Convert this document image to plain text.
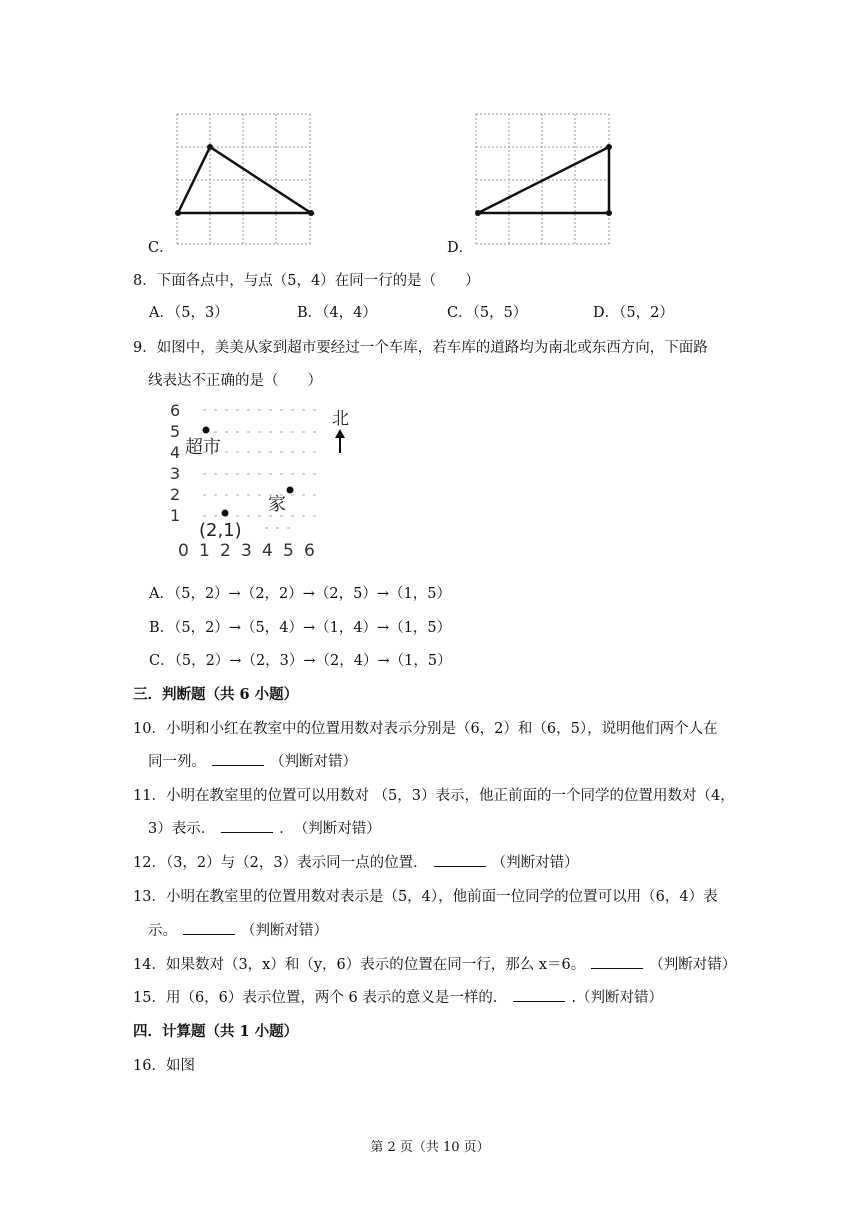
C．	D．
8．下面各点中，与点（5，4）在同一行的是（　　）
A．（5，3）	B．（4，4）	C．（5，5）	D．（5，2）
9．如图中，美美从家到超市要经过一个车库，若车库的道路均为南北或东西方向，下面路
线表达不正确的是（　　）
6
5
4
3
2
1
0 1 2 3 4 5 6
超市
家
(2,1)
北
A．（5，2）→（2，2）→（2，5）→（1，5）
B．（5，2）→（5，4）→（1，4）→（1，5）
C．（5，2）→（2，3）→（2，4）→（1，5）
三．判断题（共 6 小题）
10．小明和小红在教室中的位置用数对表示分别是（6，2）和（6，5），说明他们两个人在
同一列。	（判断对错）
11．小明在教室里的位置可以用数对 （5，3）表示，他正前面的一个同学的位置用数对（4，
3）表示．	．　（判断对错）
12．（3，2）与（2，3）表示同一点的位置．	（判断对错）
13．小明在教室里的位置用数对表示是（5，4），他前面一位同学的位置可以用（6，4）表
示。	（判断对错）
14．如果数对（3，x）和（y，6）表示的位置在同一行，那么 x＝6。	（判断对错）
15．用（6，6）表示位置，两个 6 表示的意义是一样的．	.（判断对错）
四．计算题（共 1 小题）
16．如图
第 2 页（共 10 页）
